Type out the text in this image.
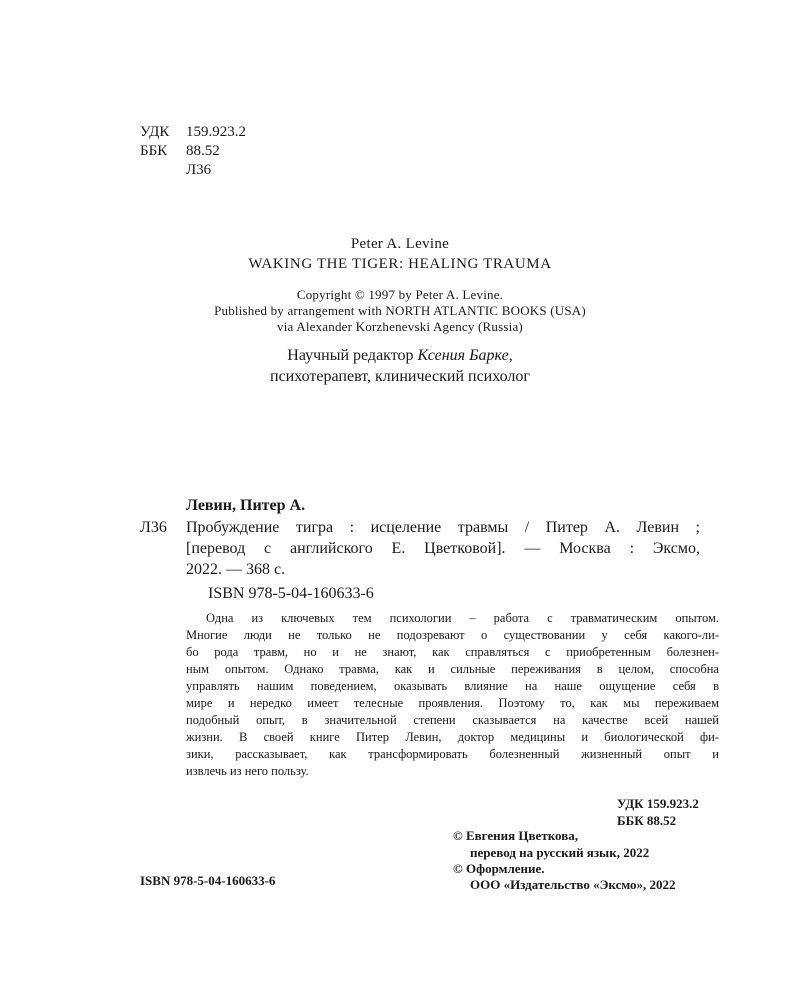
УДК 159.923.2
ББК 88.52
Л36
Peter A. Levine
WAKING THE TIGER: HEALING TRAUMA
Copyright © 1997 by Peter A. Levine.
Published by arrangement with NORTH ATLANTIC BOOKS (USA)
via Alexander Korzhenevski Agency (Russia)
Научный редактор Ксения Барке,
психотерапевт, клинический психолог
Левин, Питер А.
Л36 Пробуждение тигра : исцеление травмы / Питер А. Левин ;
[перевод с английского Е. Цветковой]. — Москва : Эксмо,
2022. — 368 с.
ISBN 978-5-04-160633-6
Одна из ключевых тем психологии – работа с травматическим опытом.
Многие люди не только не подозревают о существовании у себя какого-ли-
бо рода травм, но и не знают, как справляться с приобретенным болезнен-
ным опытом. Однако травма, как и сильные переживания в целом, способна
управлять нашим поведением, оказывать влияние на наше ощущение себя в
мире и нередко имеет телесные проявления. Поэтому то, как мы переживаем
подобный опыт, в значительной степени сказывается на качестве всей нашей
жизни. В своей книге Питер Левин, доктор медицины и биологической фи-
зики, рассказывает, как трансформировать болезненный жизненный опыт и
извлечь из него пользу.
УДК 159.923.2
ББК 88.52
© Евгения Цветкова,
перевод на русский язык, 2022
© Оформление.
ООО «Издательство «Эксмо», 2022
ISBN 978-5-04-160633-6
